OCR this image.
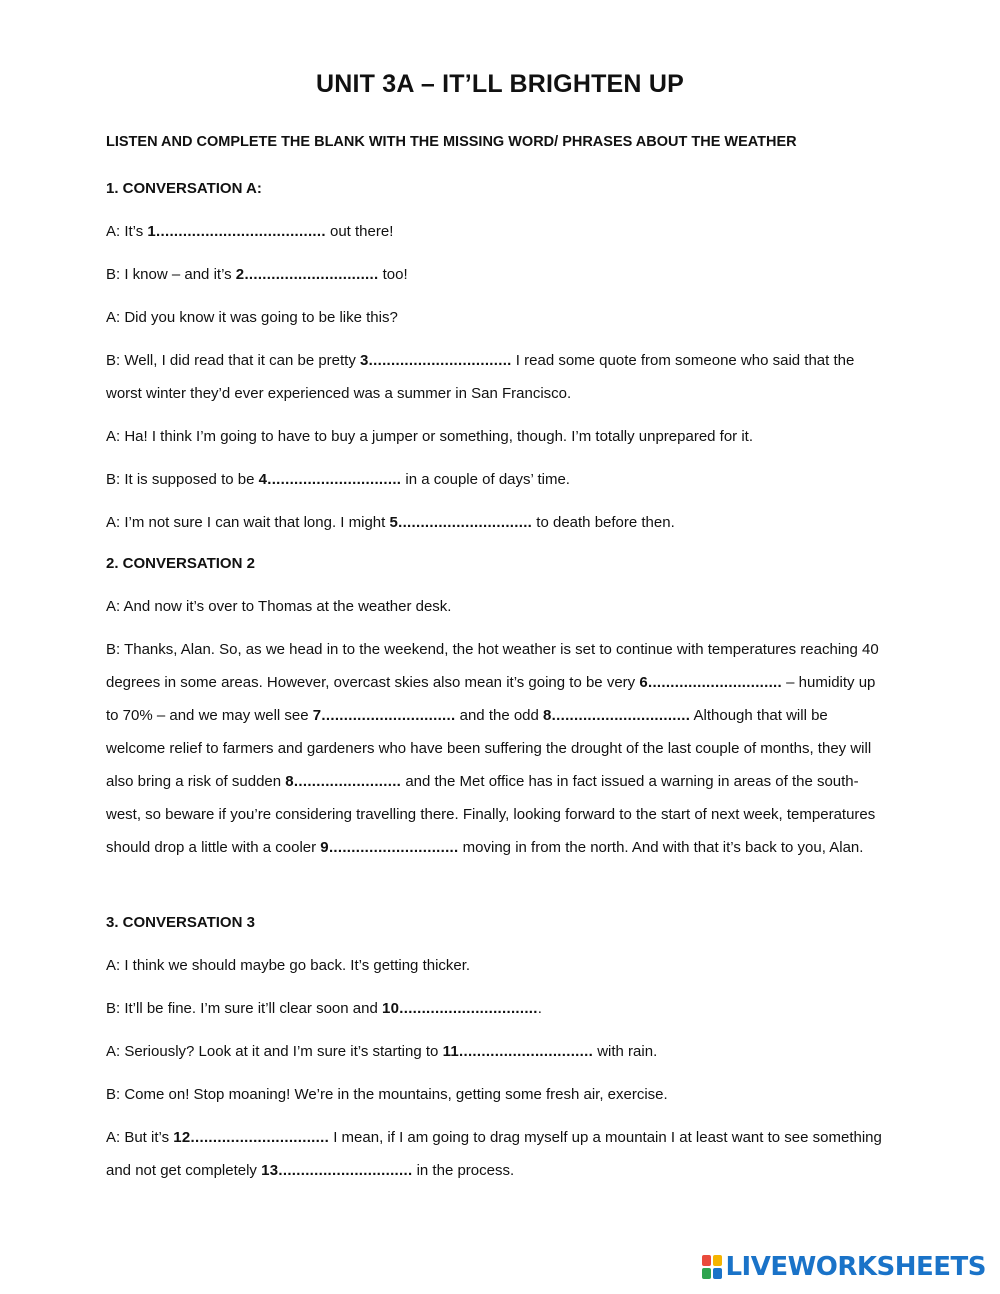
UNIT 3A – IT’LL BRIGHTEN UP
LISTEN AND COMPLETE THE BLANK WITH THE MISSING WORD/ PHRASES ABOUT THE WEATHER

1. CONVERSATION A:

A: It’s 1...................................... out there!

B: I know – and it’s 2.............................. too!

A: Did you know it was going to be like this?

B: Well, I did read that it can be pretty 3................................ I read some quote from someone who said that the worst winter they’d ever experienced was a summer in San Francisco.

A: Ha! I think I’m going to have to buy a jumper or something, though. I’m totally unprepared for it.

B: It is supposed to be 4.............................. in a couple of days’ time.

A: I’m not sure I can wait that long. I might 5.............................. to death before then.

2. CONVERSATION 2

A: And now it’s over to Thomas at the weather desk.

B: Thanks, Alan. So, as we head in to the weekend, the hot weather is set to continue with temperatures reaching 40 degrees in some areas. However, overcast skies also mean it’s going to be very 6.............................. – humidity up to 70% – and we may well see 7.............................. and the odd 8............................... Although that will be welcome relief to farmers and gardeners who have been suffering the drought of the last couple of months, they will also bring a risk of sudden 8........................ and the Met office has in fact issued a warning in areas of the south-west, so beware if you’re considering travelling there. Finally, looking forward to the start of next week, temperatures should drop a little with a cooler 9............................. moving in from the north. And with that it’s back to you, Alan.

3. CONVERSATION 3

A: I think we should maybe go back. It’s getting thicker.

B: It’ll be fine. I’m sure it’ll clear soon and 10................................

A: Seriously? Look at it and I’m sure it’s starting to 11.............................. with rain.

B: Come on! Stop moaning! We’re in the mountains, getting some fresh air, exercise.

A: But it’s 12............................... I mean, if I am going to drag myself up a mountain I at least want to see something and not get completely 13.............................. in the process.

LIVEWORKSHEETS
